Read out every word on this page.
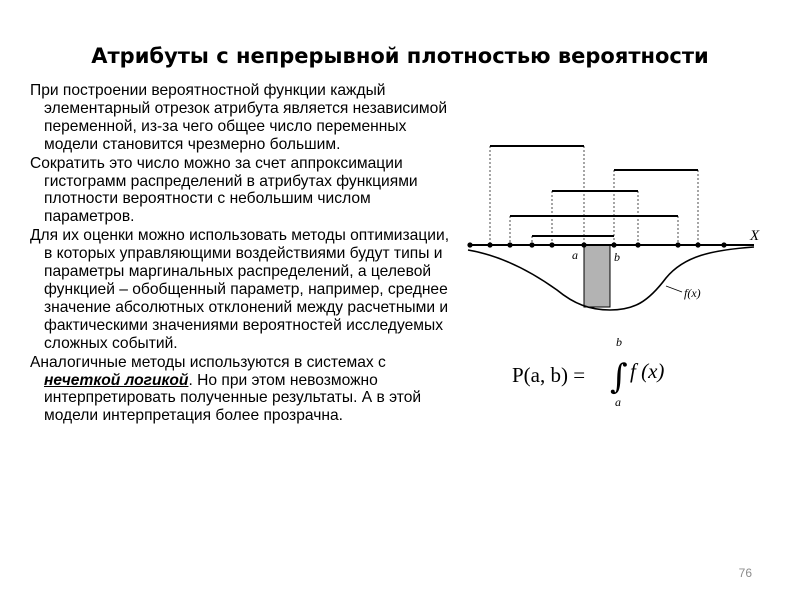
Атрибуты с непрерывной плотностью вероятности

При построении вероятностной функции каждый элементарный отрезок атрибута является независимой переменной, из-за чего общее число переменных модели становится чрезмерно большим.

Сократить это число можно за счет аппроксимации гистограмм распределений в атрибутах функциями плотности вероятности с небольшим числом параметров.

Для их оценки можно использовать методы оптимизации, в которых управляющими воздействиями будут типы и параметры маргинальных распределений, а целевой функцией – обобщенный параметр, например, среднее значение абсолютных отклонений между расчетными и фактическими значениями вероятностей исследуемых сложных событий.

Аналогичные методы используются в системах с нечеткой логикой. Но при этом невозможно интерпретировать полученные результаты. А в этой модели интерпретация более прозрачна.

X
a	b
f(x)
P(a, b) = ∫
b
a
f (x)
76
